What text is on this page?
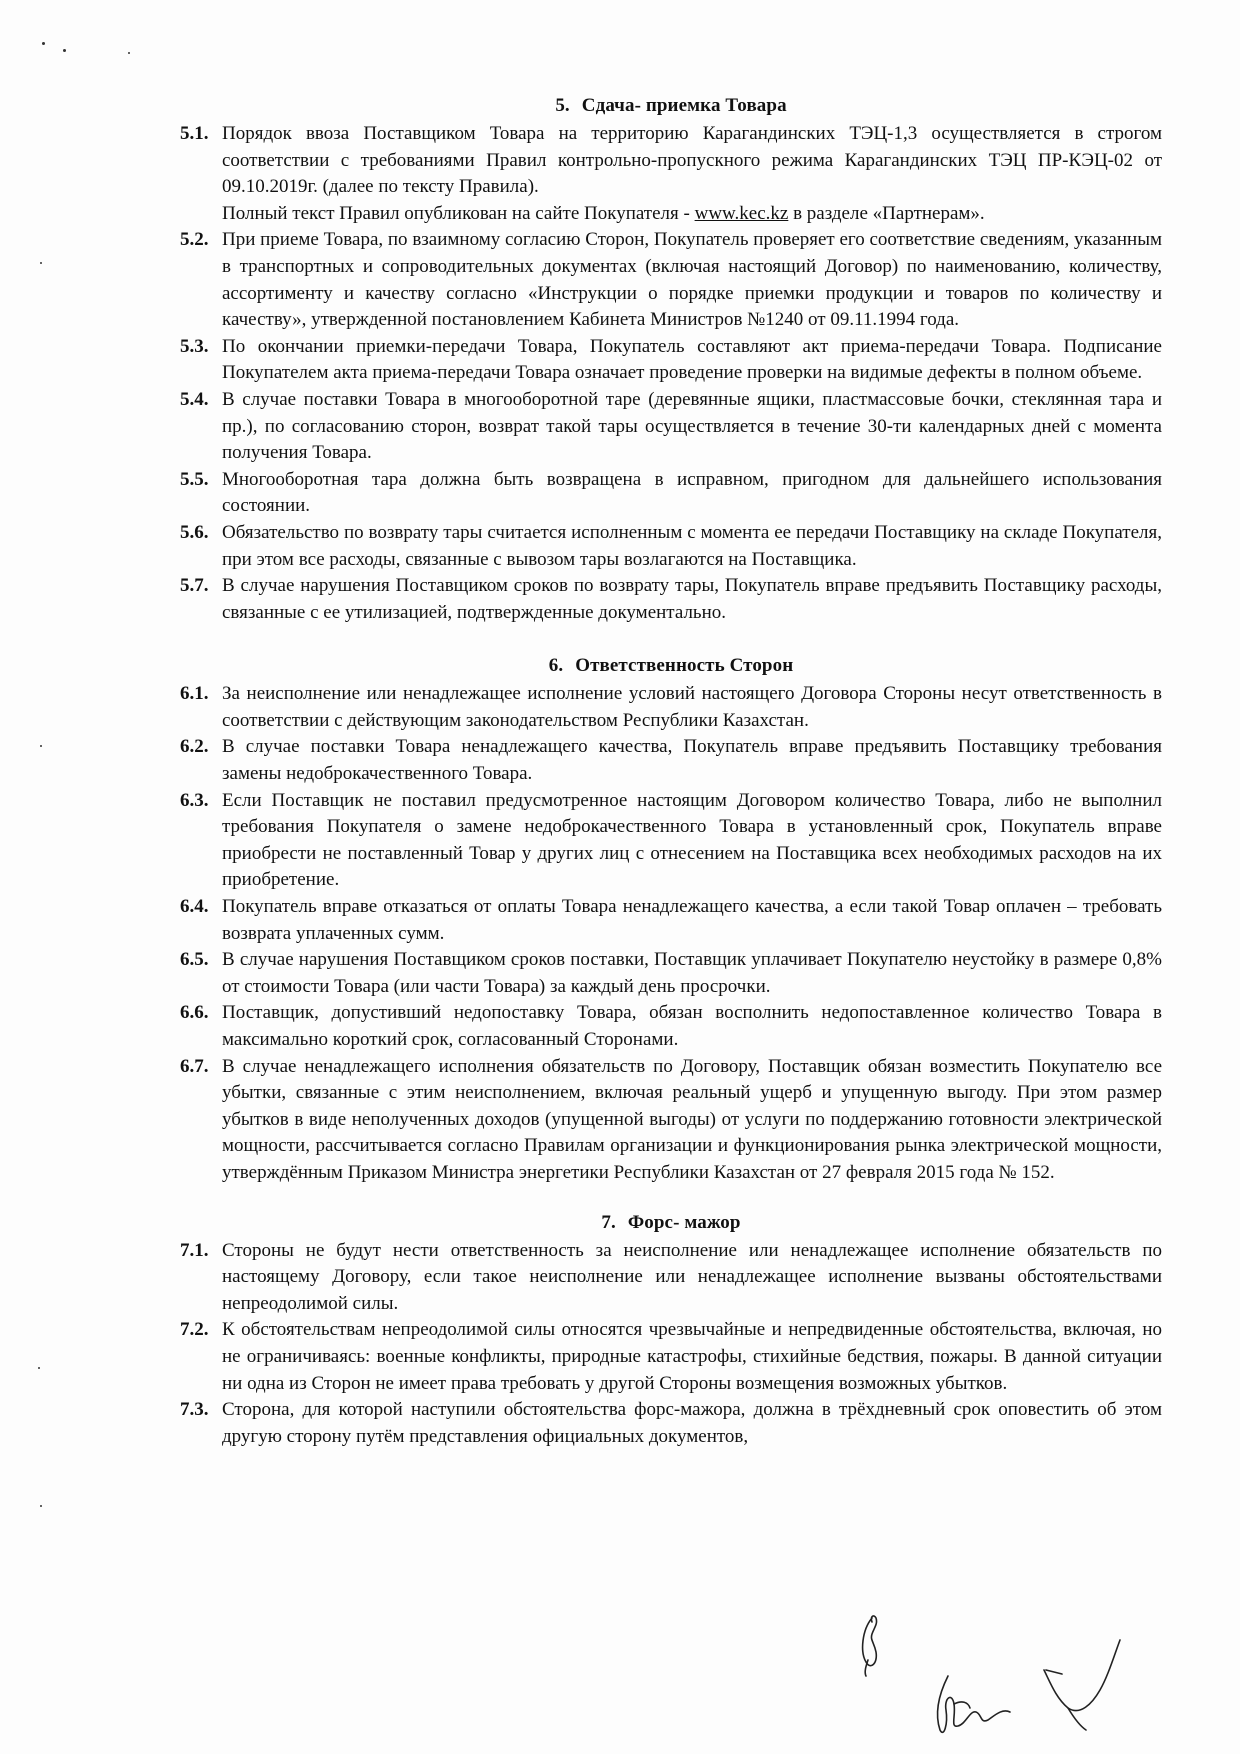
5. Сдача- приемка Товара
5.1. Порядок ввоза Поставщиком Товара на территорию Карагандинских ТЭЦ-1,3 осуществляется в строгом соответствии с требованиями Правил контрольно-пропускного режима Карагандинских ТЭЦ ПР-КЭЦ-02 от 09.10.2019г. (далее по тексту Правила).
Полный текст Правил опубликован на сайте Покупателя - www.kec.kz в разделе «Партнерам».
5.2. При приеме Товара, по взаимному согласию Сторон, Покупатель проверяет его соответствие сведениям, указанным в транспортных и сопроводительных документах (включая настоящий Договор) по наименованию, количеству, ассортименту и качеству согласно «Инструкции о порядке приемки продукции и товаров по количеству и качеству», утвержденной постановлением Кабинета Министров №1240 от 09.11.1994 года.
5.3. По окончании приемки-передачи Товара, Покупатель составляют акт приема-передачи Товара. Подписание Покупателем акта приема-передачи Товара означает проведение проверки на видимые дефекты в полном объеме.
5.4. В случае поставки Товара в многооборотной таре (деревянные ящики, пластмассовые бочки, стеклянная тара и пр.), по согласованию сторон, возврат такой тары осуществляется в течение 30-ти календарных дней с момента получения Товара.
5.5. Многооборотная тара должна быть возвращена в исправном, пригодном для дальнейшего использования состоянии.
5.6. Обязательство по возврату тары считается исполненным с момента ее передачи Поставщику на складе Покупателя, при этом все расходы, связанные с вывозом тары возлагаются на Поставщика.
5.7. В случае нарушения Поставщиком сроков по возврату тары, Покупатель вправе предъявить Поставщику расходы, связанные с ее утилизацией, подтвержденные документально.
6. Ответственность Сторон
6.1. За неисполнение или ненадлежащее исполнение условий настоящего Договора Стороны несут ответственность в соответствии с действующим законодательством Республики Казахстан.
6.2. В случае поставки Товара ненадлежащего качества, Покупатель вправе предъявить Поставщику требования замены недоброкачественного Товара.
6.3. Если Поставщик не поставил предусмотренное настоящим Договором количество Товара, либо не выполнил требования Покупателя о замене недоброкачественного Товара в установленный срок, Покупатель вправе приобрести не поставленный Товар у других лиц с отнесением на Поставщика всех необходимых расходов на их приобретение.
6.4. Покупатель вправе отказаться от оплаты Товара ненадлежащего качества, а если такой Товар оплачен – требовать возврата уплаченных сумм.
6.5. В случае нарушения Поставщиком сроков поставки, Поставщик уплачивает Покупателю неустойку в размере 0,8% от стоимости Товара (или части Товара) за каждый день просрочки.
6.6. Поставщик, допустивший недопоставку Товара, обязан восполнить недопоставленное количество Товара в максимально короткий срок, согласованный Сторонами.
6.7. В случае ненадлежащего исполнения обязательств по Договору, Поставщик обязан возместить Покупателю все убытки, связанные с этим неисполнением, включая реальный ущерб и упущенную выгоду. При этом размер убытков в виде неполученных доходов (упущенной выгоды) от услуги по поддержанию готовности электрической мощности, рассчитывается согласно Правилам организации и функционирования рынка электрической мощности, утверждённым Приказом Министра энергетики Республики Казахстан от 27 февраля 2015 года № 152.
7. Форс- мажор
7.1. Стороны не будут нести ответственность за неисполнение или ненадлежащее исполнение обязательств по настоящему Договору, если такое неисполнение или ненадлежащее исполнение вызваны обстоятельствами непреодолимой силы.
7.2. К обстоятельствам непреодолимой силы относятся чрезвычайные и непредвиденные обстоятельства, включая, но не ограничиваясь: военные конфликты, природные катастрофы, стихийные бедствия, пожары. В данной ситуации ни одна из Сторон не имеет права требовать у другой Стороны возмещения возможных убытков.
7.3. Сторона, для которой наступили обстоятельства форс-мажора, должна в трёхдневный срок оповестить об этом другую сторону путём представления официальных документов,
